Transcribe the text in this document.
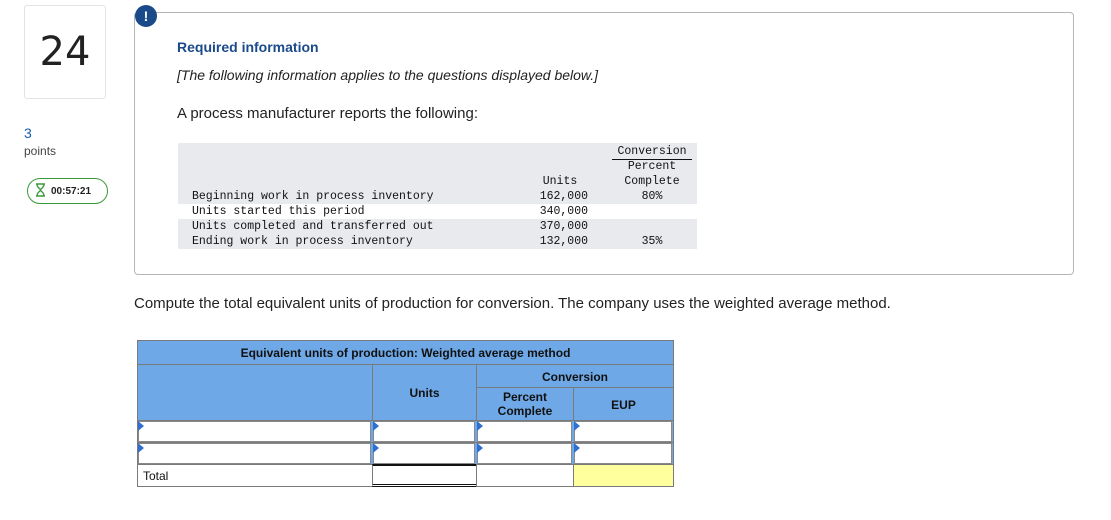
24
3
points
00:57:21
!
Required information
[The following information applies to the questions displayed below.]
A process manufacturer reports the following:
Conversion
Percent
Units	Complete
Beginning work in process inventory	162,000	80%
Units started this period	340,000
Units completed and transferred out	370,000
Ending work in process inventory	132,000	35%
Compute the total equivalent units of production for conversion. The company uses the weighted average method.
Equivalent units of production: Weighted average method
Units
Conversion
Percent Complete	EUP
Total
